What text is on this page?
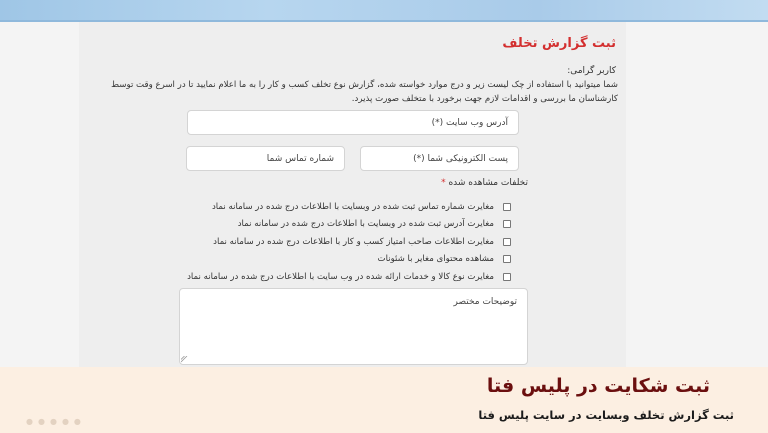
ثبت گزارش تخلف
کاربر گرامی:
شما میتوانید با استفاده از چک لیست زیر و درج موارد خواسته شده، گزارش نوع تخلف کسب و کار را به ما اعلام نمایید تا در اسرع وقت توسط کارشناسان ما بررسی و اقدامات لازم جهت برخورد با متخلف صورت پذیرد.
آدرس وب سایت (*)
پست الکترونیکی شما (*)
شماره تماس شما
تخلفات مشاهده شده *
مغایرت شماره تماس ثبت شده در وبسایت با اطلاعات درج شده در سامانه نماد
مغایرت آدرس ثبت شده در وبسایت با اطلاعات درج شده در سامانه نماد
مغایرت اطلاعات صاحب امتیاز کسب و کار با اطلاعات درج شده در سامانه نماد
مشاهده محتوای مغایر با شئونات
مغایرت نوع کالا و خدمات ارائه شده در وب سایت با اطلاعات درج شده در سامانه نماد
توضیحات مختصر
ثبت شکایت در پلیس فتا
ثبت گزارش تخلف وبسایت در سایت پلیس فتا
●●●●●
